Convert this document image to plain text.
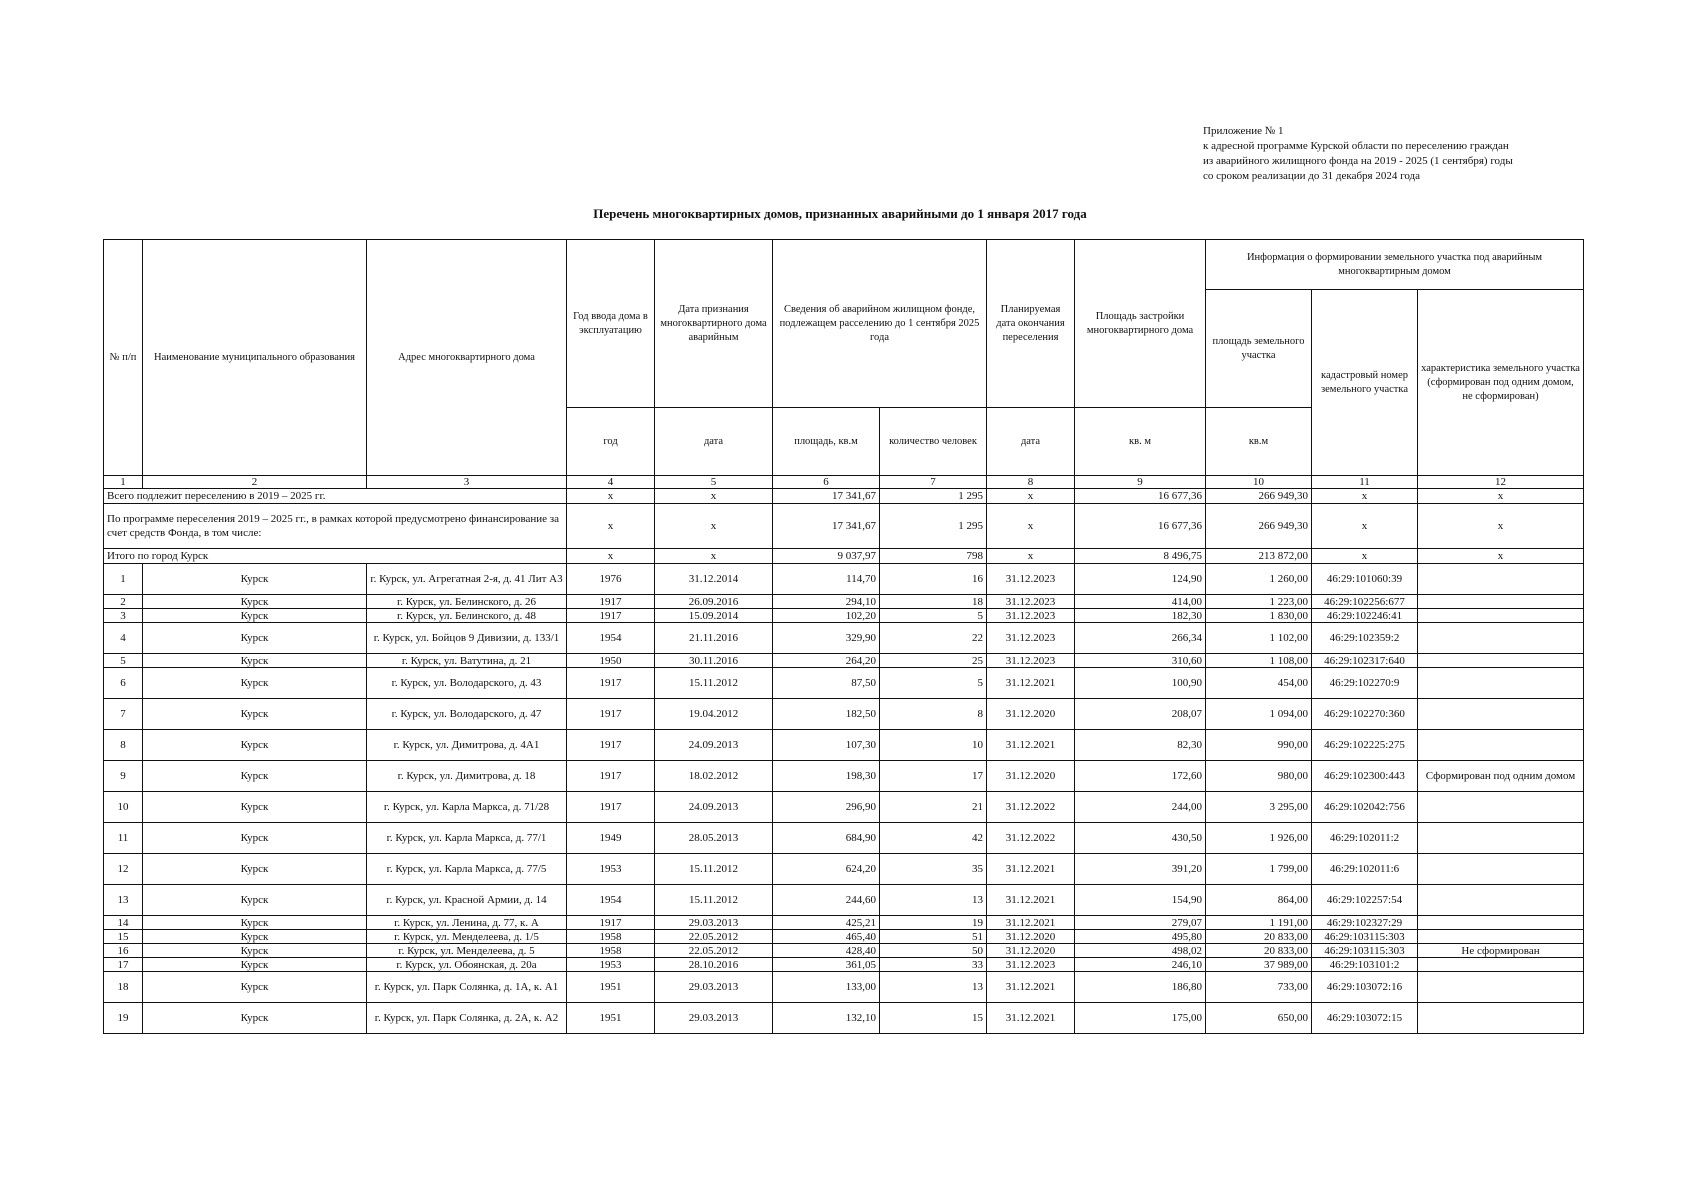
Приложение № 1
к адресной программе Курской области по переселению граждан
из аварийного жилищного фонда на 2019 - 2025 (1 сентября) годы
со сроком реализации до 31 декабря 2024 года
Перечень многоквартирных домов, признанных аварийными до 1 января 2017 года
№ п/п	Наименование муниципального образования	Адрес многоквартирного дома	Год ввода дома в эксплуатацию	Дата признания многоквартирного дома аварийным	Сведения об аварийном жилищном фонде, подлежащем расселению до 1 сентября 2025 года		Планируемая дата окончания переселения	Площадь застройки многоквартирного дома	Информация о формировании земельного участка под аварийным многоквартирным домом		
									площадь земельного участка	кадастровый номер земельного участка	характеристика земельного участка (сформирован под одним домом, не сформирован)
			год	дата	площадь, кв.м	количество человек	дата	кв. м	кв.м		
1	2	3	4	5	6	7	8	9	10	11	12
Всего подлежит переселению в 2019 – 2025 гг.			x	x	17 341,67	1 295	x	16 677,36	266 949,30	x	x
По программе переселения 2019 – 2025 гг., в рамках которой предусмотрено финансирование за счет средств Фонда, в том числе:			x	x	17 341,67	1 295	x	16 677,36	266 949,30	x	x
Итого по город Курск			x	x	9 037,97	798	x	8 496,75	213 872,00	x	x
1	Курск	г. Курск, ул. Агрегатная 2-я, д. 41 Лит А3	1976	31.12.2014	114,70	16	31.12.2023	124,90	1 260,00	46:29:101060:39	
2	Курск	г. Курск, ул. Белинского, д. 26	1917	26.09.2016	294,10	18	31.12.2023	414,00	1 223,00	46:29:102256:677	
3	Курск	г. Курск, ул. Белинского, д. 48	1917	15.09.2014	102,20	5	31.12.2023	182,30	1 830,00	46:29:102246:41	
4	Курск	г. Курск, ул. Бойцов 9 Дивизии, д. 133/1	1954	21.11.2016	329,90	22	31.12.2023	266,34	1 102,00	46:29:102359:2	
5	Курск	г. Курск, ул. Ватутина, д. 21	1950	30.11.2016	264,20	25	31.12.2023	310,60	1 108,00	46:29:102317:640	
6	Курск	г. Курск, ул. Володарского, д. 43	1917	15.11.2012	87,50	5	31.12.2021	100,90	454,00	46:29:102270:9	
7	Курск	г. Курск, ул. Володарского, д. 47	1917	19.04.2012	182,50	8	31.12.2020	208,07	1 094,00	46:29:102270:360	
8	Курск	г. Курск, ул. Димитрова, д. 4А1	1917	24.09.2013	107,30	10	31.12.2021	82,30	990,00	46:29:102225:275	
9	Курск	г. Курск, ул. Димитрова, д. 18	1917	18.02.2012	198,30	17	31.12.2020	172,60	980,00	46:29:102300:443	Сформирован под одним домом
10	Курск	г. Курск, ул. Карла Маркса, д. 71/28	1917	24.09.2013	296,90	21	31.12.2022	244,00	3 295,00	46:29:102042:756	
11	Курск	г. Курск, ул. Карла Маркса, д. 77/1	1949	28.05.2013	684,90	42	31.12.2022	430,50	1 926,00	46:29:102011:2	
12	Курск	г. Курск, ул. Карла Маркса, д. 77/5	1953	15.11.2012	624,20	35	31.12.2021	391,20	1 799,00	46:29:102011:6	
13	Курск	г. Курск, ул. Красной Армии, д. 14	1954	15.11.2012	244,60	13	31.12.2021	154,90	864,00	46:29:102257:54	
14	Курск	г. Курск, ул. Ленина, д. 77, к. А	1917	29.03.2013	425,21	19	31.12.2021	279,07	1 191,00	46:29:102327:29	
15	Курск	г. Курск, ул. Менделеева, д. 1/5	1958	22.05.2012	465,40	51	31.12.2020	495,80	20 833,00	46:29:103115:303	
16	Курск	г. Курск, ул. Менделеева, д. 5	1958	22.05.2012	428,40	50	31.12.2020	498,02	20 833,00	46:29:103115:303	Не сформирован
17	Курск	г. Курск, ул. Обоянская, д. 20а	1953	28.10.2016	361,05	33	31.12.2023	246,10	37 989,00	46:29:103101:2	
18	Курск	г. Курск, ул. Парк Солянка, д. 1А, к. А1	1951	29.03.2013	133,00	13	31.12.2021	186,80	733,00	46:29:103072:16	
19	Курск	г. Курск, ул. Парк Солянка, д. 2А, к. А2	1951	29.03.2013	132,10	15	31.12.2021	175,00	650,00	46:29:103072:15	
